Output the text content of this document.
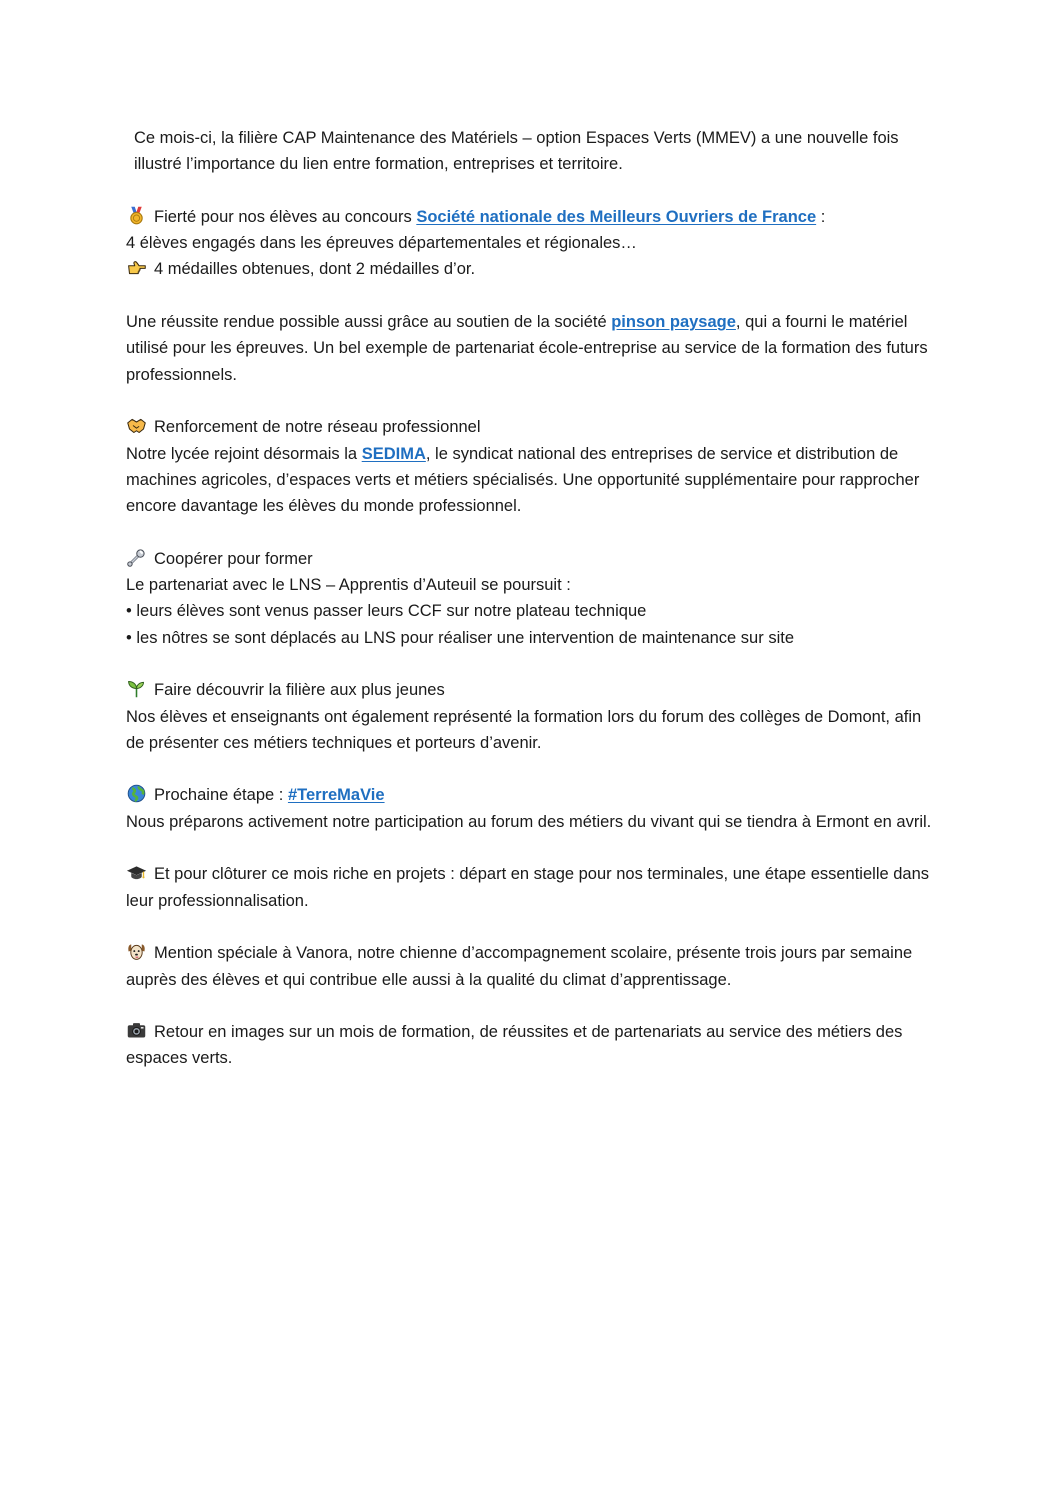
Ce mois-ci, la filière CAP Maintenance des Matériels – option Espaces Verts (MMEV) a une nouvelle fois illustré l’importance du lien entre formation, entreprises et territoire.

Fierté pour nos élèves au concours Société nationale des Meilleurs Ouvriers de France :

4 élèves engagés dans les épreuves départementales et régionales…

4 médailles obtenues, dont 2 médailles d’or.

Une réussite rendue possible aussi grâce au soutien de la société pinson paysage, qui a fourni le matériel utilisé pour les épreuves. Un bel exemple de partenariat école-entreprise au service de la formation des futurs professionnels.

Renforcement de notre réseau professionnel

Notre lycée rejoint désormais la SEDIMA, le syndicat national des entreprises de service et distribution de machines agricoles, d’espaces verts et métiers spécialisés. Une opportunité supplémentaire pour rapprocher encore davantage les élèves du monde professionnel.

Coopérer pour former

Le partenariat avec le LNS – Apprentis d’Auteuil se poursuit :

• leurs élèves sont venus passer leurs CCF sur notre plateau technique

• les nôtres se sont déplacés au LNS pour réaliser une intervention de maintenance sur site

Faire découvrir la filière aux plus jeunes

Nos élèves et enseignants ont également représenté la formation lors du forum des collèges de Domont, afin de présenter ces métiers techniques et porteurs d’avenir.

Prochaine étape : #TerreMaVie

Nous préparons activement notre participation au forum des métiers du vivant qui se tiendra à Ermont en avril.

Et pour clôturer ce mois riche en projets : départ en stage pour nos terminales, une étape essentielle dans leur professionnalisation.

Mention spéciale à Vanora, notre chienne d’accompagnement scolaire, présente trois jours par semaine auprès des élèves et qui contribue elle aussi à la qualité du climat d’apprentissage.

Retour en images sur un mois de formation, de réussites et de partenariats au service des métiers des espaces verts.
